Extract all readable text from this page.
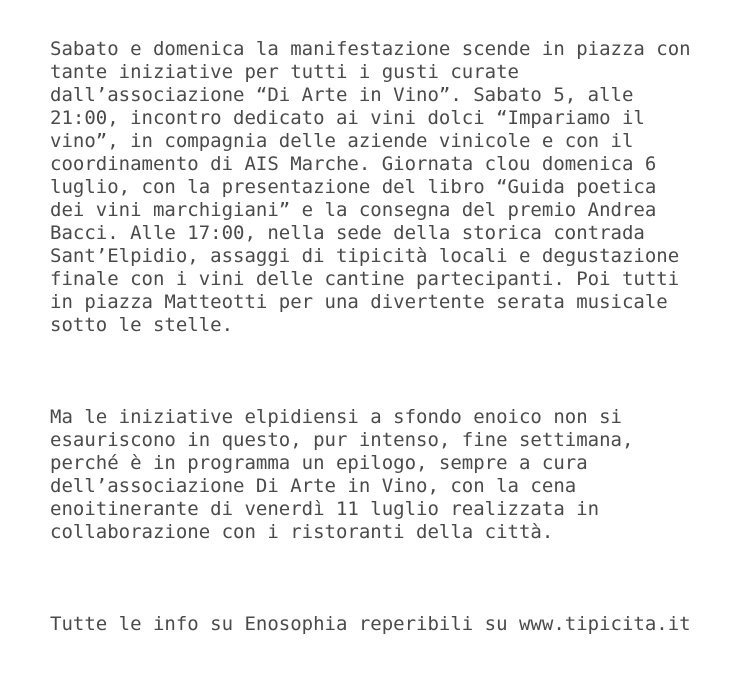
Sabato e domenica la manifestazione scende in piazza con
tante iniziative per tutti i gusti curate
dall’associazione “Di Arte in Vino”. Sabato 5, alle
21:00, incontro dedicato ai vini dolci “Impariamo il
vino”, in compagnia delle aziende vinicole e con il
coordinamento di AIS Marche. Giornata clou domenica 6
luglio, con la presentazione del libro “Guida poetica
dei vini marchigiani” e la consegna del premio Andrea
Bacci. Alle 17:00, nella sede della storica contrada
Sant’Elpidio, assaggi di tipicità locali e degustazione
finale con i vini delle cantine partecipanti. Poi tutti
in piazza Matteotti per una divertente serata musicale
sotto le stelle.

Ma le iniziative elpidiensi a sfondo enoico non si
esauriscono in questo, pur intenso, fine settimana,
perché è in programma un epilogo, sempre a cura
dell’associazione Di Arte in Vino, con la cena
enoitinerante di venerdì 11 luglio realizzata in
collaborazione con i ristoranti della città.

Tutte le info su Enosophia reperibili su www.tipicita.it
